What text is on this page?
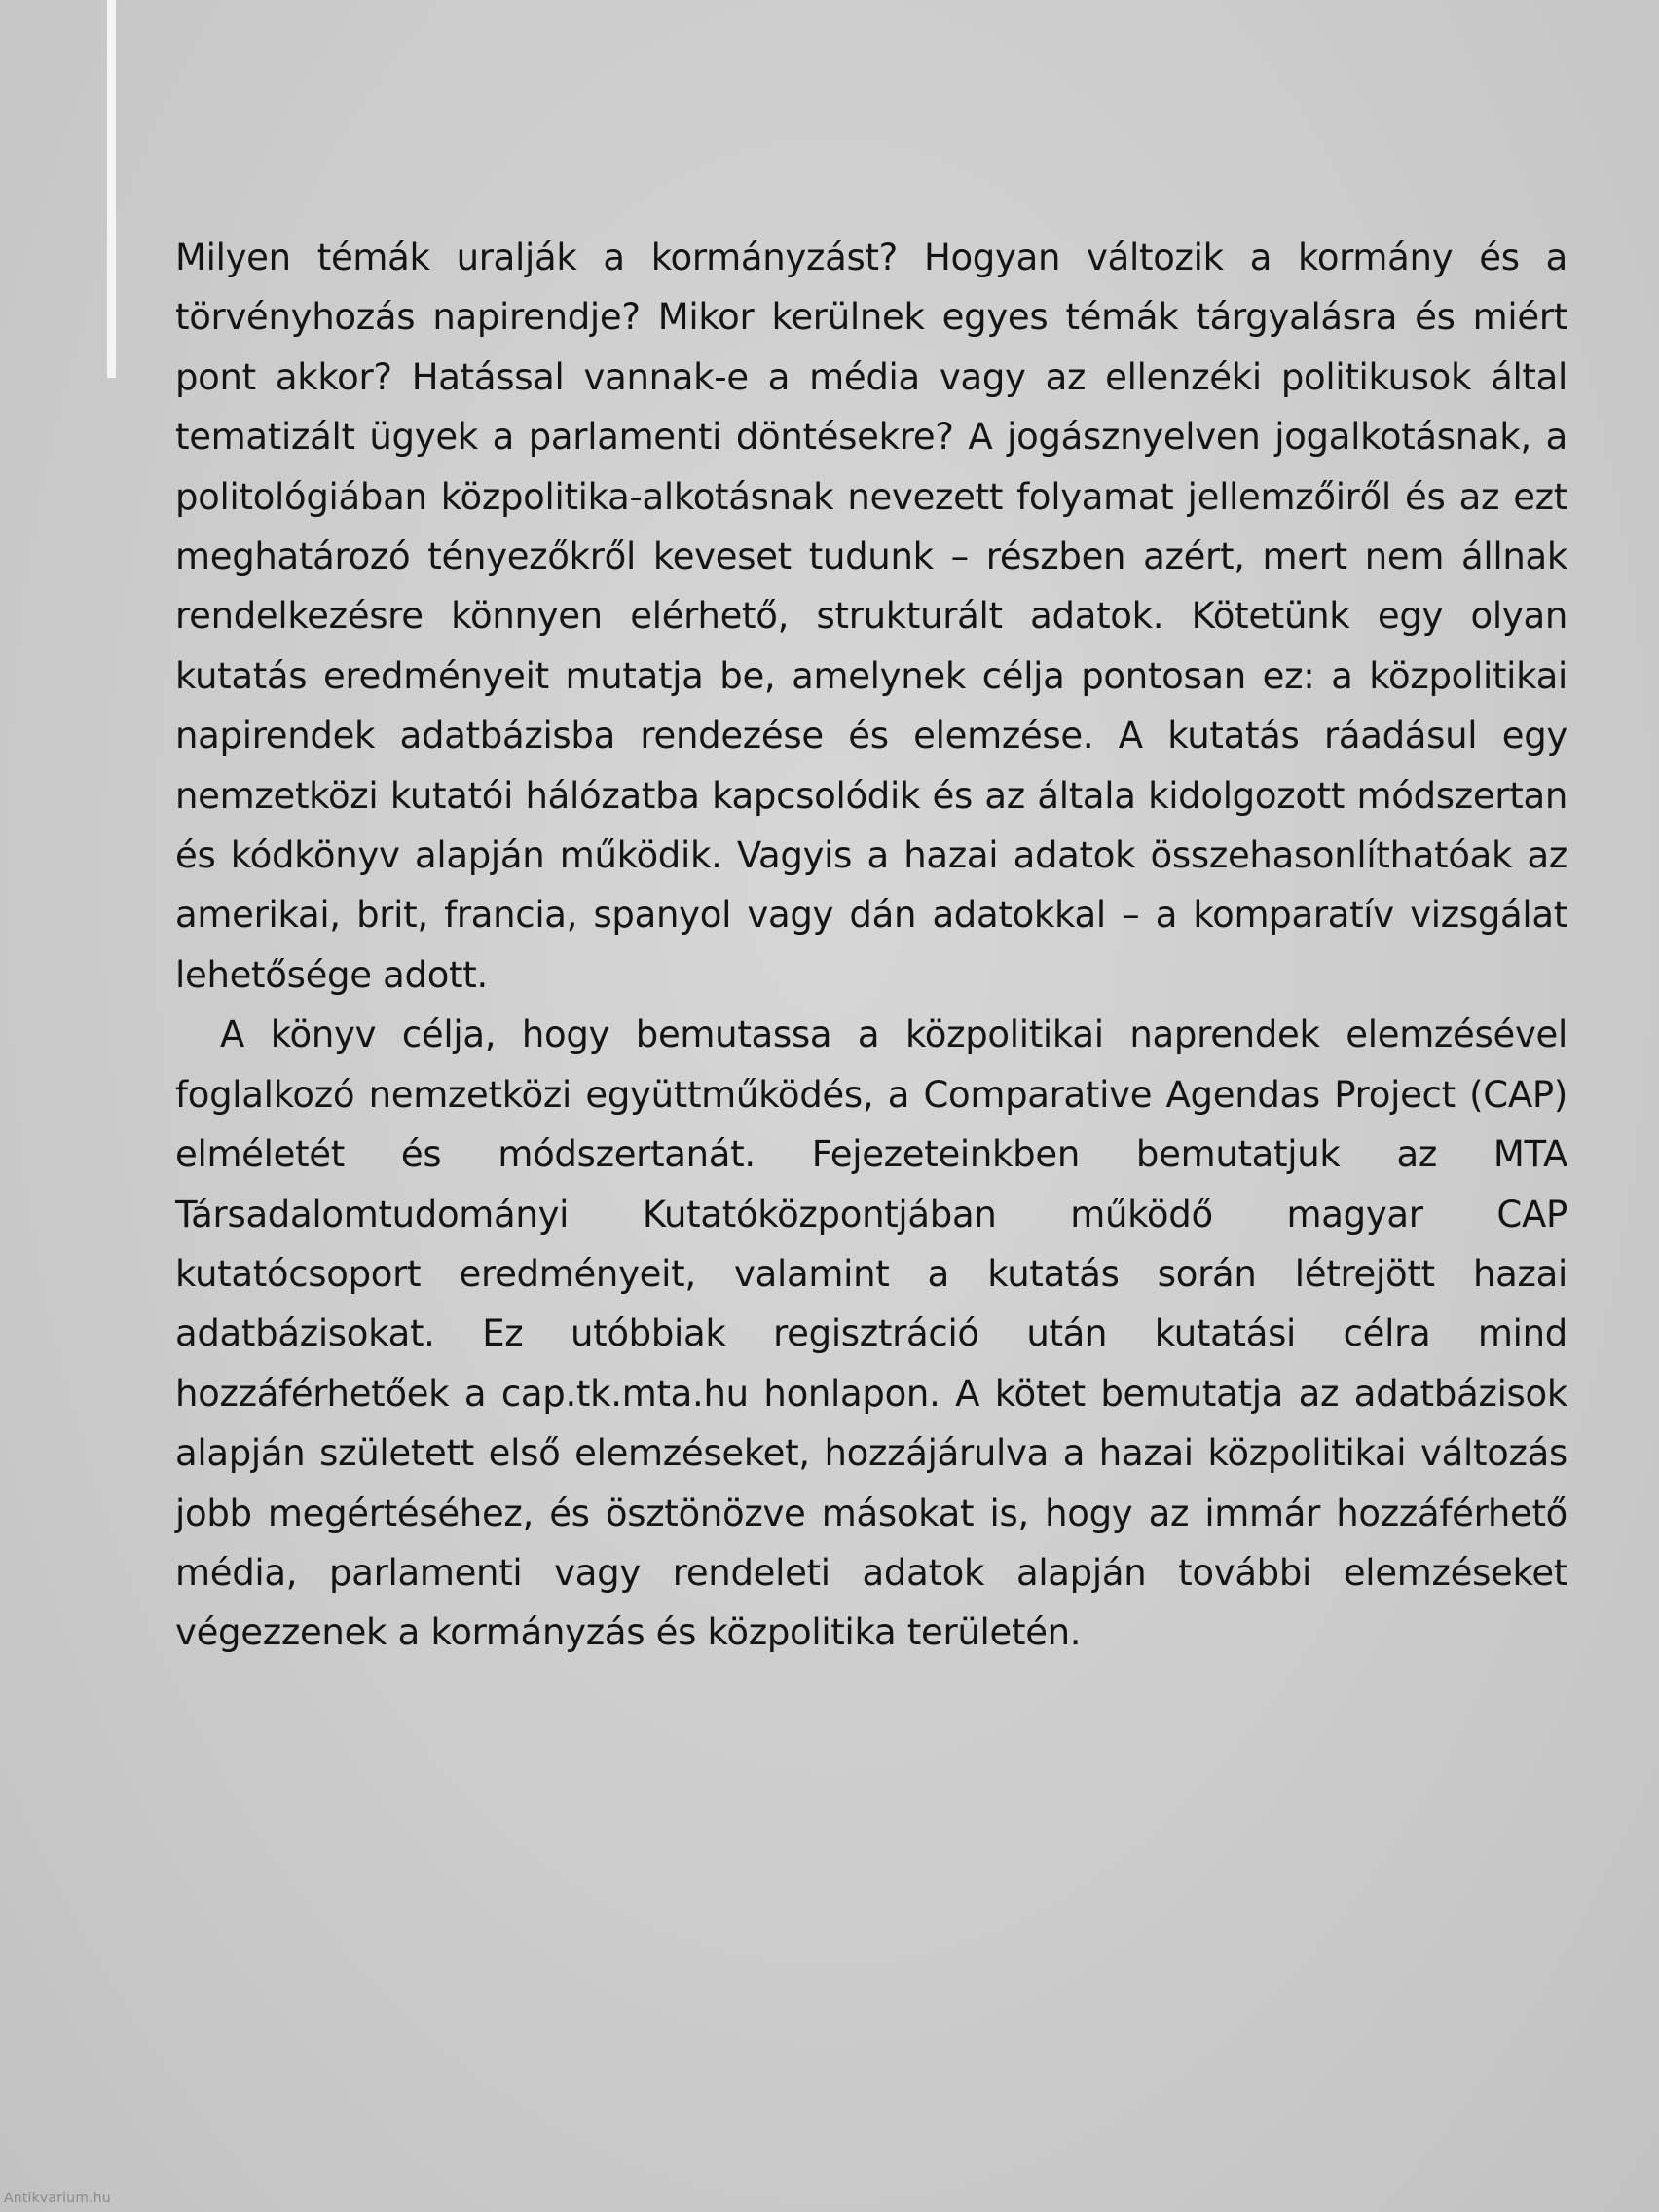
Milyen témák uralják a kormányzást? Hogyan változik a kormány és a törvényhozás napirendje? Mikor kerülnek egyes témák tárgyalásra és miért pont akkor? Hatással vannak-e a média vagy az ellenzéki politikusok által tematizált ügyek a parlamenti döntésekre? A jogásznyelven jogalkotásnak, a politológiában közpolitika-alkotásnak nevezett folyamat jellemzőiről és az ezt meghatározó tényezőkről keveset tudunk – részben azért, mert nem állnak rendelkezésre könnyen elérhető, strukturált adatok. Kötetünk egy olyan kutatás eredményeit mutatja be, amelynek célja pontosan ez: a közpolitikai napirendek adatbázisba rendezése és elemzése. A kutatás ráadásul egy nemzetközi kutatói hálózatba kapcsolódik és az általa kidolgozott módszertan és kódkönyv alapján működik. Vagyis a hazai adatok összehasonlíthatóak az amerikai, brit, francia, spanyol vagy dán adatokkal – a komparatív vizsgálat lehetősége adott.

A könyv célja, hogy bemutassa a közpolitikai naprendek elemzésével foglalkozó nemzetközi együttműködés, a Comparative Agendas Project (CAP) elméletét és módszertanát. Fejezeteinkben bemutatjuk az MTA Társadalomtudományi Kutatóközpontjában működő magyar CAP kutatócsoport eredményeit, valamint a kutatás során létrejött hazai adatbázisokat. Ez utóbbiak regisztráció után kutatási célra mind hozzáférhetőek a cap.tk.mta.hu honlapon. A kötet bemutatja az adatbázisok alapján született első elemzéseket, hozzájárulva a hazai közpolitikai változás jobb megértéséhez, és ösztönözve másokat is, hogy az immár hozzáférhető média, parlamenti vagy rendeleti adatok alapján további elemzéseket végezzenek a kormányzás és közpolitika területén.

Antikvarium.hu
